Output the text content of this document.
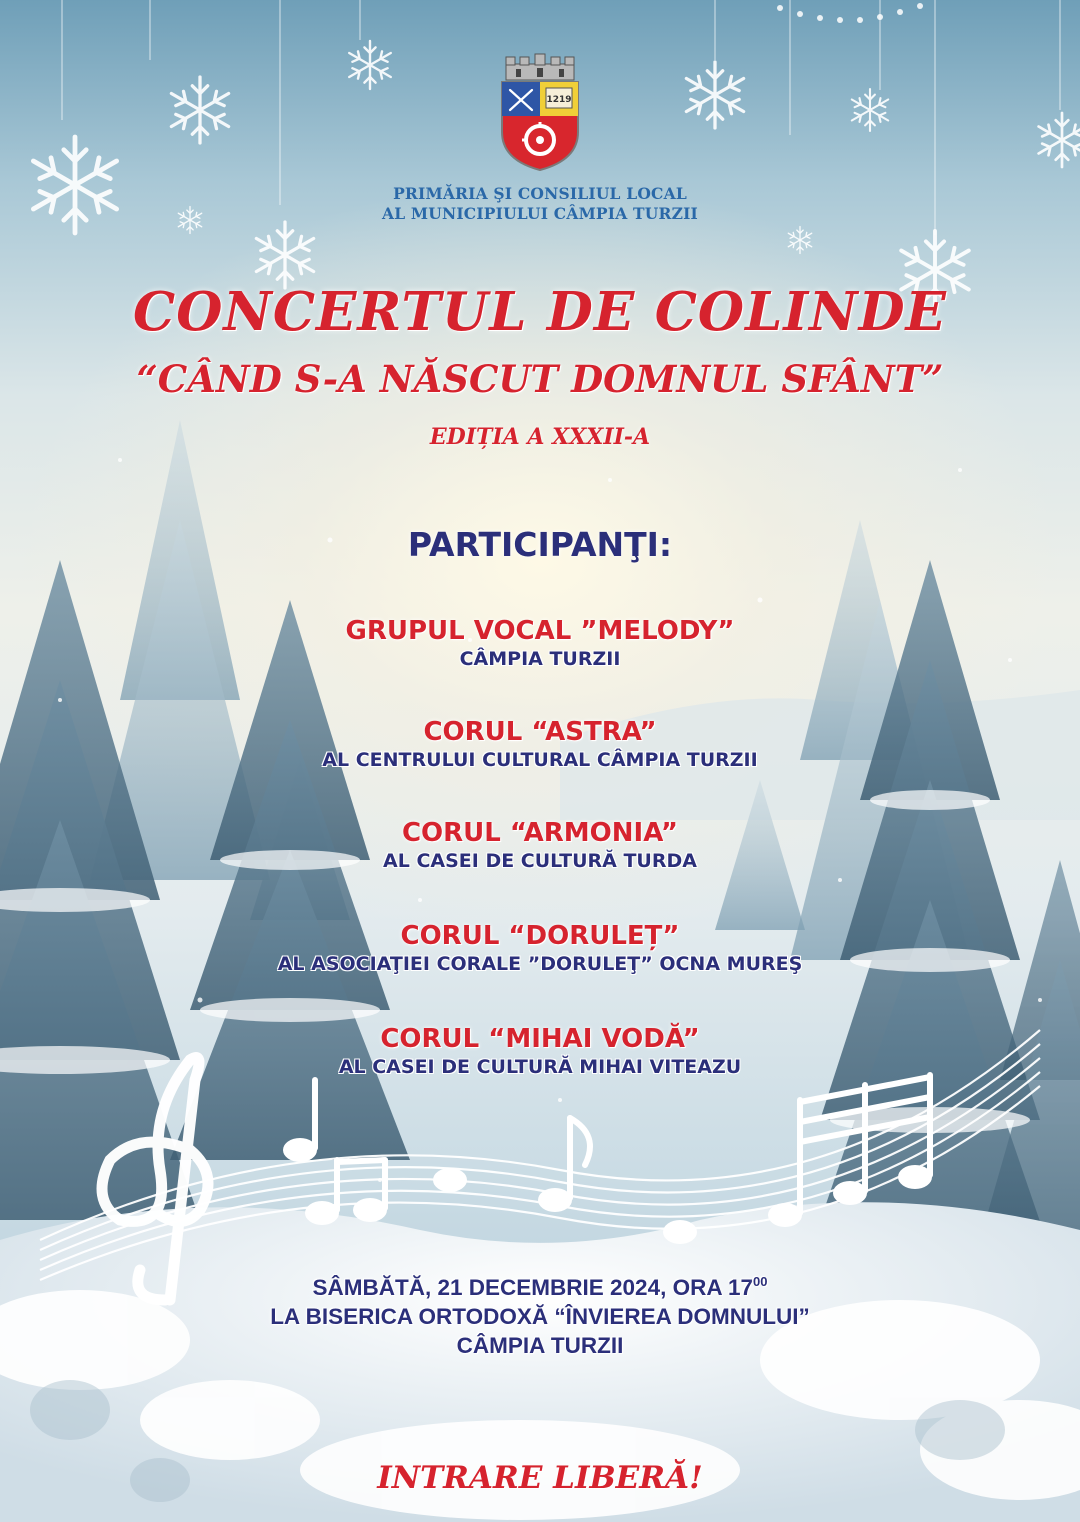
1219
PRIMĂRIA ŞI CONSILIUL LOCAL
AL MUNICIPIULUI CÂMPIA TURZII
CONCERTUL DE COLINDE
“CÂND S-A NĂSCUT DOMNUL SFÂNT”
EDIȚIA A XXXII-A
PARTICIPANŢI:
GRUPUL VOCAL ”MELODY”
CÂMPIA TURZII
CORUL “ASTRA”
AL CENTRULUI CULTURAL CÂMPIA TURZII
CORUL “ARMONIA”
AL CASEI DE CULTURĂ TURDA
CORUL “DORULEȚ”
AL ASOCIAŢIEI CORALE ”DORULEŢ” OCNA MUREŞ
CORUL “MIHAI VODĂ”
AL CASEI DE CULTURĂ MIHAI VITEAZU
SÂMBĂTĂ, 21 DECEMBRIE 2024, ORA $17^{00}$
LA BISERICA ORTODOXĂ “ÎNVIEREA DOMNULUI”
CÂMPIA TURZII
INTRARE LIBERĂ!
